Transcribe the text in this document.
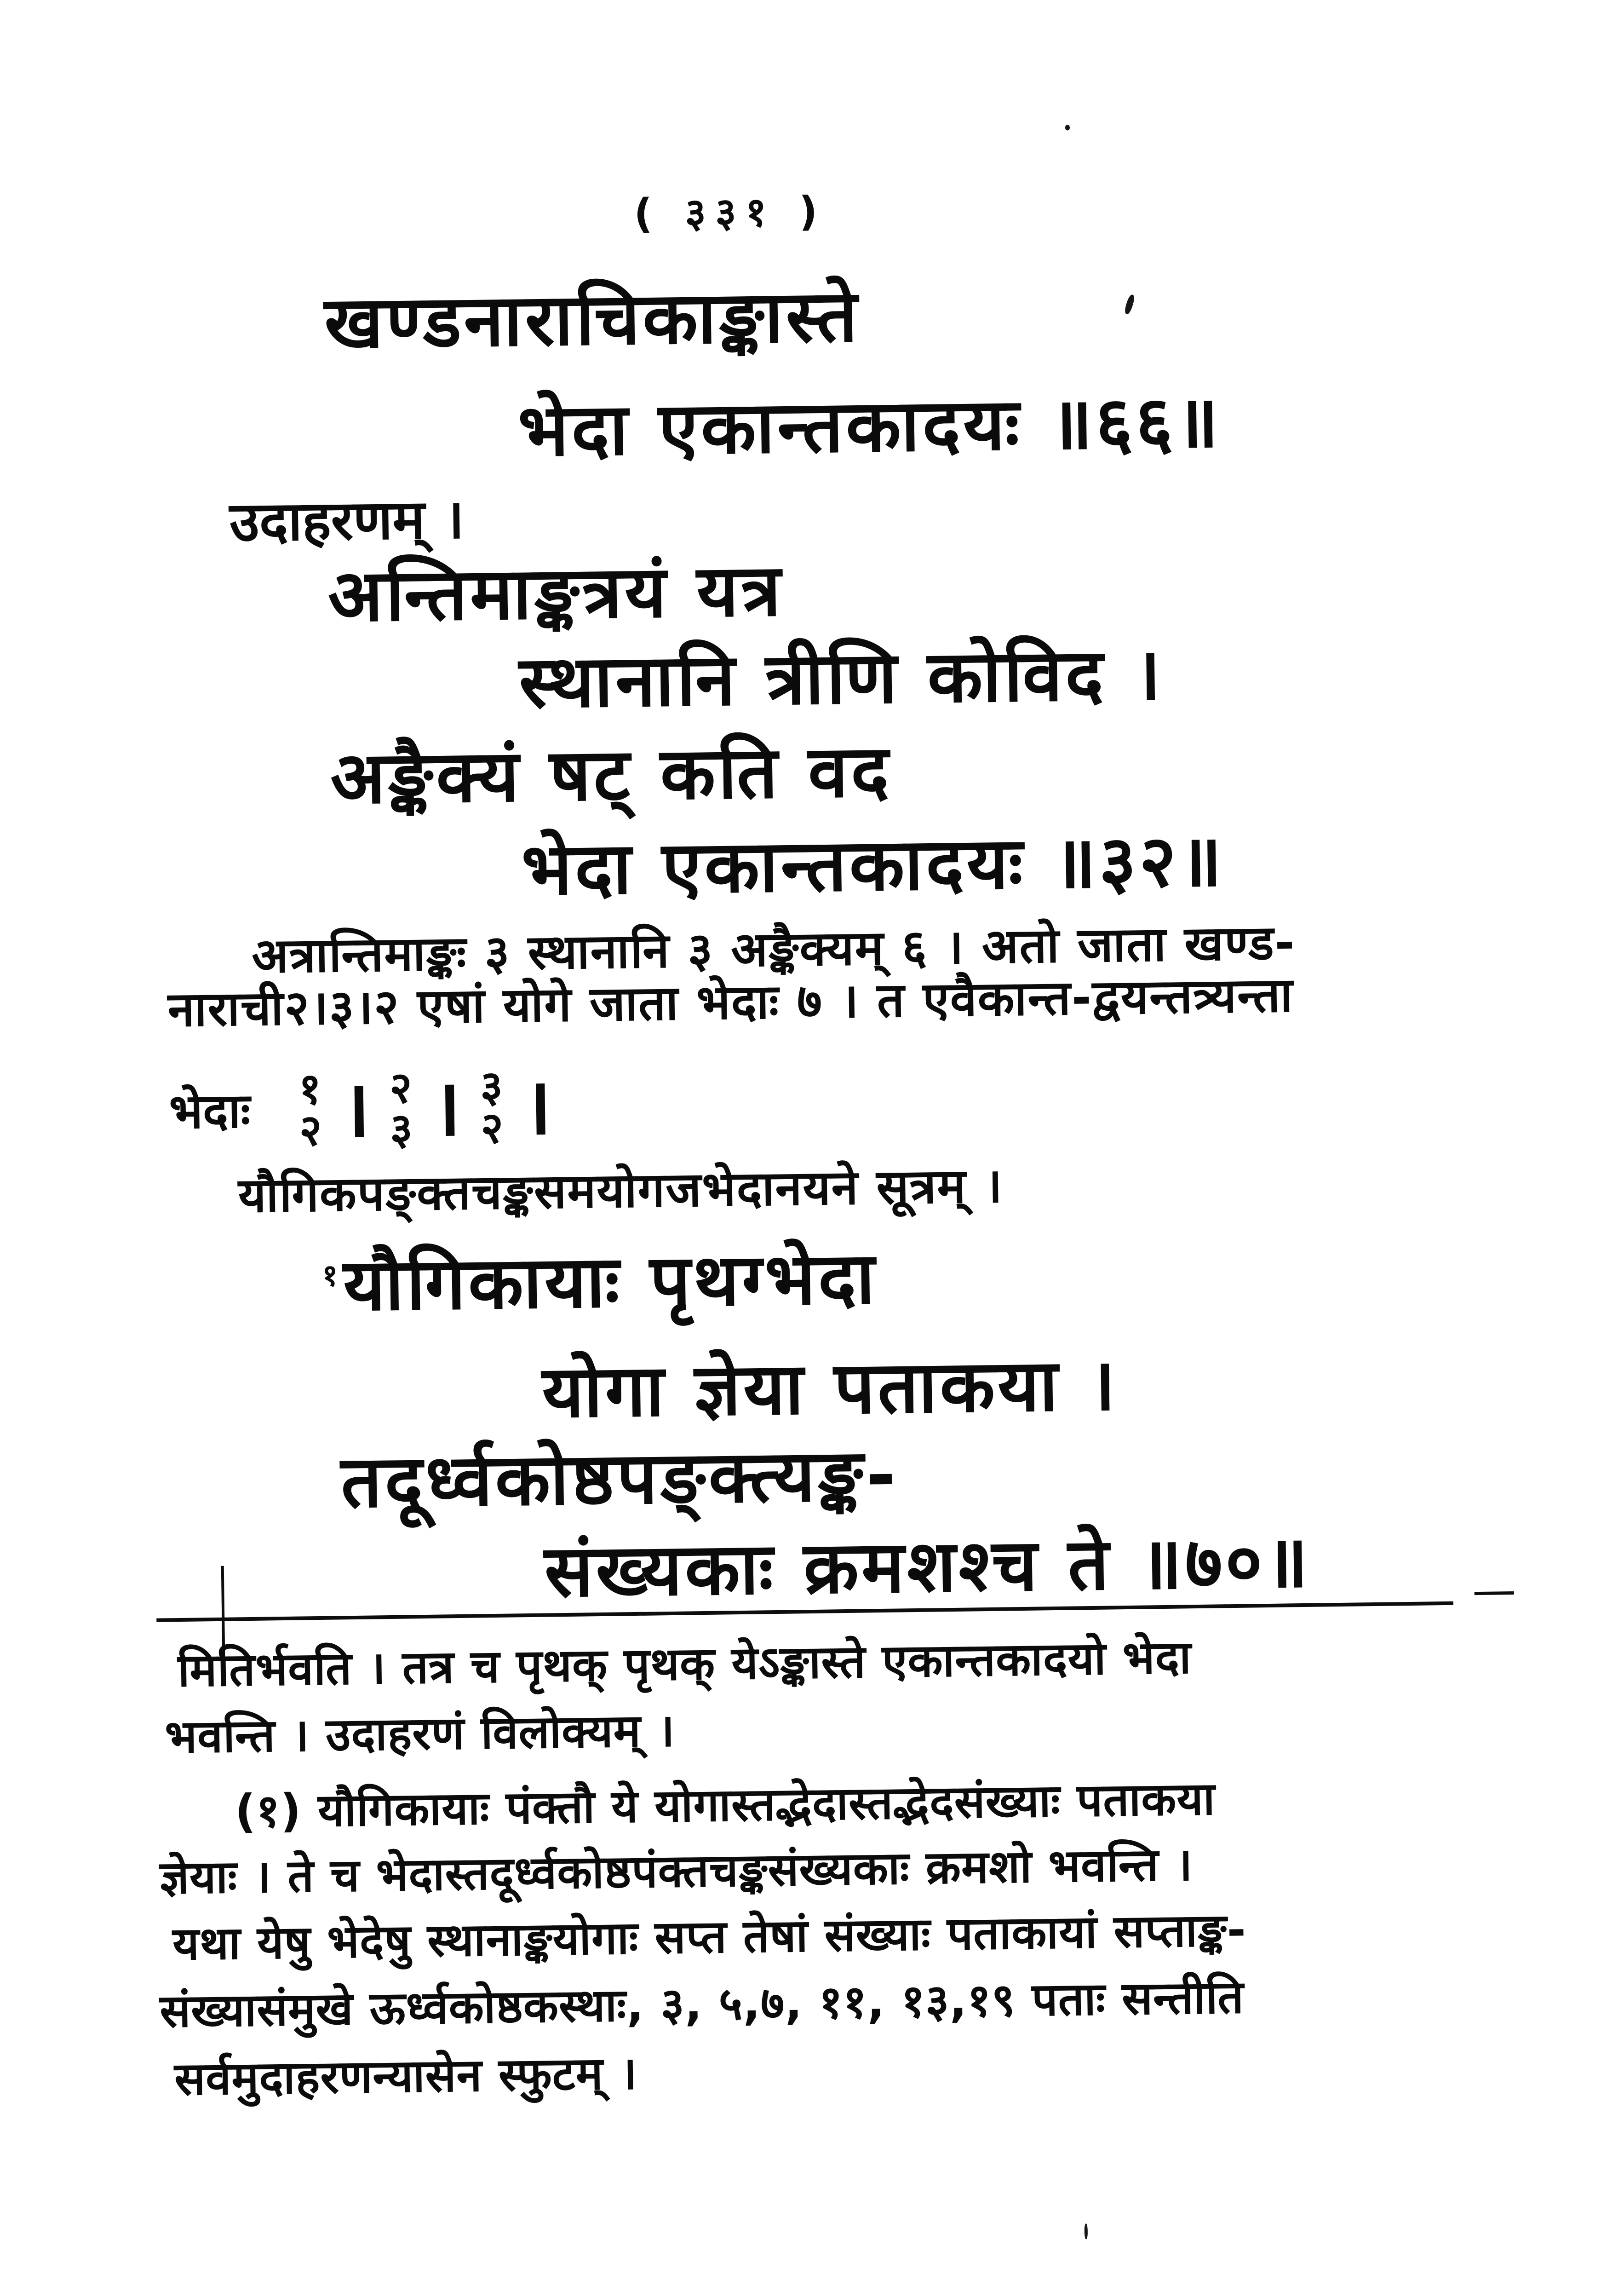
( ३३१ )
खण्डनाराचिकाङ्कास्ते
भेदा एकान्तकादयः ॥६६॥
उदाहरणम् ।
अन्तिमाङ्कत्रयं यत्र
स्थानानि त्रीणि कोविद ।
अङ्कैक्यं षट् कति वद
भेदा एकान्तकादयः ॥३२॥
अत्रान्तिमाङ्कः ३ स्थानानि ३ अङ्कैक्यम् ६ । अतो जाता खण्ड-
नाराची२।३।२ एषां योगे जाता भेदाः ७ । त एवैकान्त-द्वयन्तत्र्यन्ता
भेदाः १
२ । २
३ । ३
२ ।
यौगिकपङ्क्तचङ्कसमयोगजभेदानयने सूत्रम् ।
$^१$यौगिकायाः पृथग्भेदा
योगा ज्ञेया पताकया ।
तदूर्ध्वकोष्ठपङ्क्त्यङ्क-
संख्यकाः क्रमशश्च ते ॥७०॥
मितिर्भवति । तत्र च पृथक् पृथक् येऽङ्कास्ते एकान्तकादयो भेदा
भवन्ति । उदाहरणं विलोक्यम् ।
(१) यौगिकायाः पंक्तौ ये योगास्तद्भेदास्तद्भेदसंख्याः पताकया
ज्ञेयाः । ते च भेदास्तदूर्ध्वकोष्ठपंक्तचङ्कसंख्यकाः क्रमशो भवन्ति ।
यथा येषु भेदेषु स्थानाङ्कयोगाः सप्त तेषां संख्याः पताकायां सप्ताङ्क-
संख्यासंमुखे ऊर्ध्वकोष्ठकस्थाः, ३, ५,७, ११, १३,१९ पताः सन्तीति
सर्वमुदाहरणन्यासेन स्फुटम् ।
